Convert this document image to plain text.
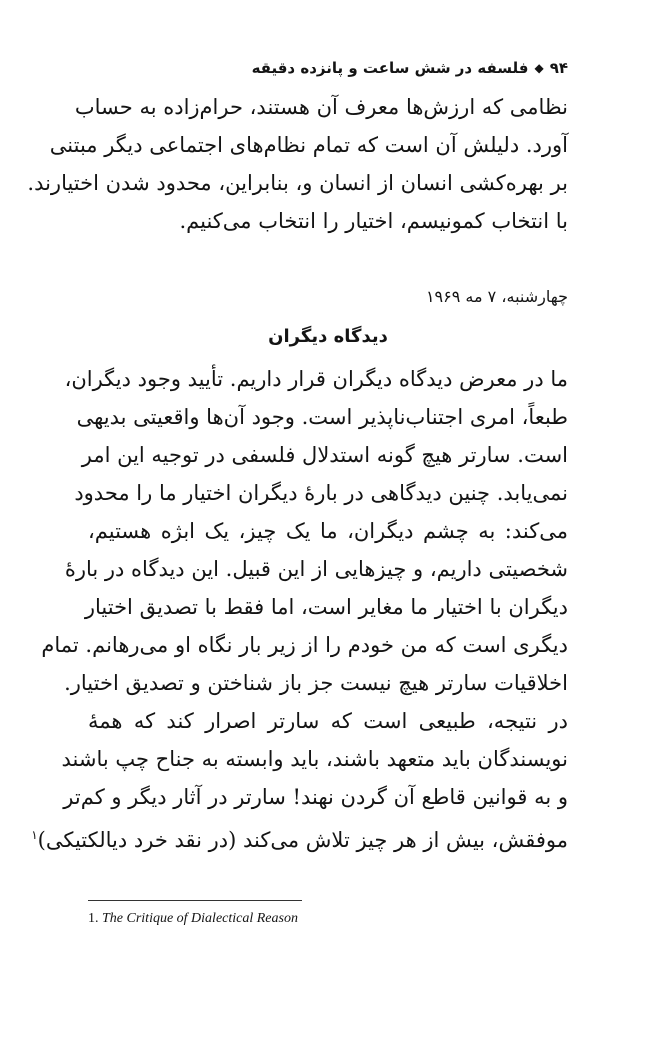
۹۴
◆
فلسفه در شش ساعت و پانزده دقیقه

نظامی که ارزش‌ها معرف آن هستند، حرام‌زاده به حساب
آورد. دلیلش آن است که تمام نظام‌های اجتماعی دیگر مبتنی
بر بهره‌کشی انسان از انسان و، بنابراین، محدود شدن اختیارند.
با انتخاب کمونیسم، اختیار را انتخاب می‌کنیم.

چهارشنبه، ۷ مه ۱۹۶۹
دیدگاه دیگران

ما در معرض دیدگاه دیگران قرار داریم. تأیید وجود دیگران،
طبعاً، امری اجتناب‌ناپذیر است. وجود آن‌ها واقعیتی بدیهی
است. سارتر هیچ گونه استدلال فلسفی در توجیه این امر
نمی‌یابد. چنین دیدگاهی در بارهٔ دیگران اختیار ما را محدود
می‌کند: به چشم دیگران، ما یک چیز، یک ابژه هستیم،
شخصیتی داریم، و چیزهایی از این قبیل. این دیدگاه در بارهٔ
دیگران با اختیار ما مغایر است، اما فقط با تصدیق اختیار
دیگری است که من خودم را از زیر بار نگاه او می‌رهانم. تمام
اخلاقیات سارتر هیچ نیست جز باز شناختن و تصدیق اختیار.

در نتیجه، طبیعی است که سارتر اصرار کند که همهٔ
نویسندگان باید متعهد باشند، باید وابسته به جناح چپ باشند
و به قوانین قاطع آن گردن نهند! سارتر در آثار دیگر و کم‌تر
موفقش، بیش از هر چیز تلاش می‌کند (در نقد خرد دیالکتیکی)$^۱$

1. The Critique of Dialectical Reason
